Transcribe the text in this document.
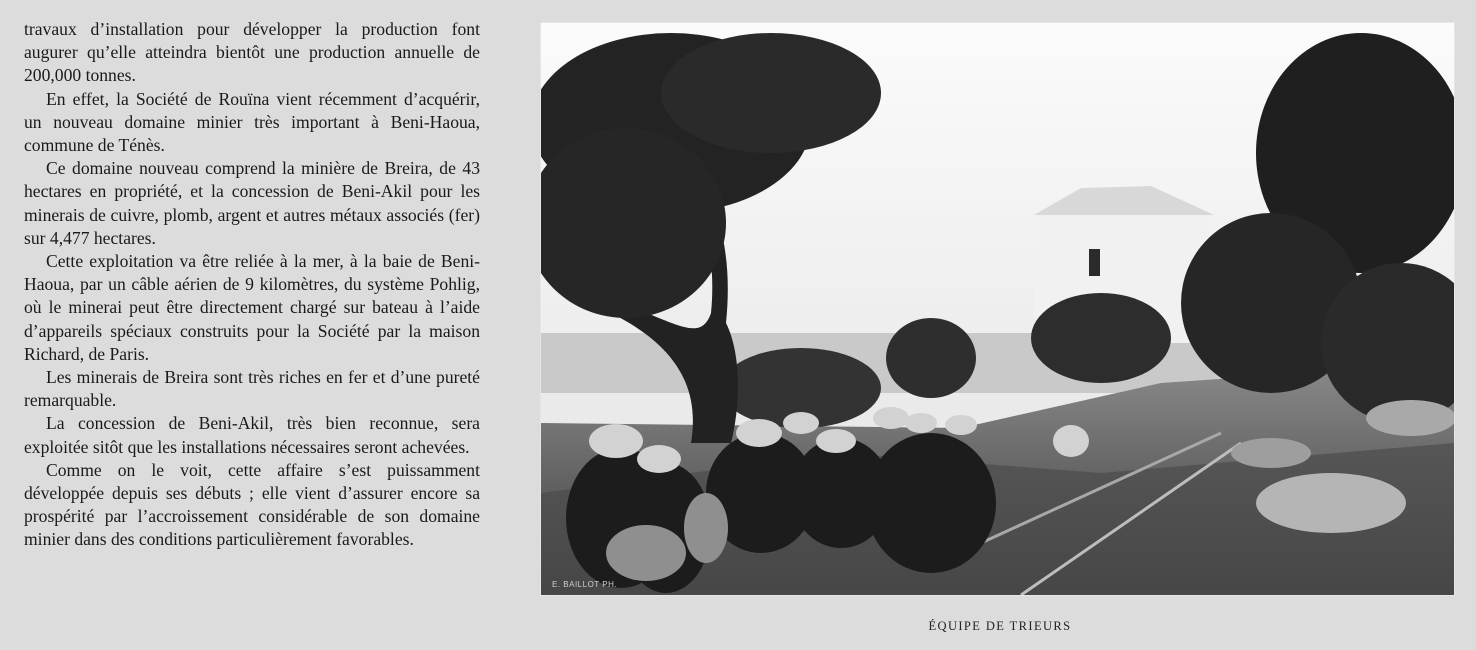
travaux d’installation pour développer la production font augurer qu’elle atteindra bientôt une production annuelle de 200,000 tonnes.

En effet, la Société de Rouïna vient récemment d’acquérir, un nouveau domaine minier très important à Beni-Haoua, commune de Ténès.

Ce domaine nouveau comprend la minière de Breira, de 43 hectares en propriété, et la concession de Beni-Akil pour les minerais de cuivre, plomb, argent et autres métaux associés (fer) sur 4,477 hectares.

Cette exploitation va être reliée à la mer, à la baie de Beni-Haoua, par un câble aérien de 9 kilomètres, du système Pohlig, où le minerai peut être directement chargé sur bateau à l’aide d’appareils spéciaux construits pour la Société par la maison Richard, de Paris.

Les minerais de Breira sont très riches en fer et d’une pureté remarquable.

La concession de Beni-Akil, très bien reconnue, sera exploitée sitôt que les installations nécessaires seront achevées.

Comme on le voit, cette affaire s’est puissamment développée depuis ses débuts ; elle vient d’assurer encore sa prospérité par l’accroissement considérable de son domaine minier dans des conditions particulièrement favorables.

E. BAILLOT PH.
ÉQUIPE DE TRIEURS
